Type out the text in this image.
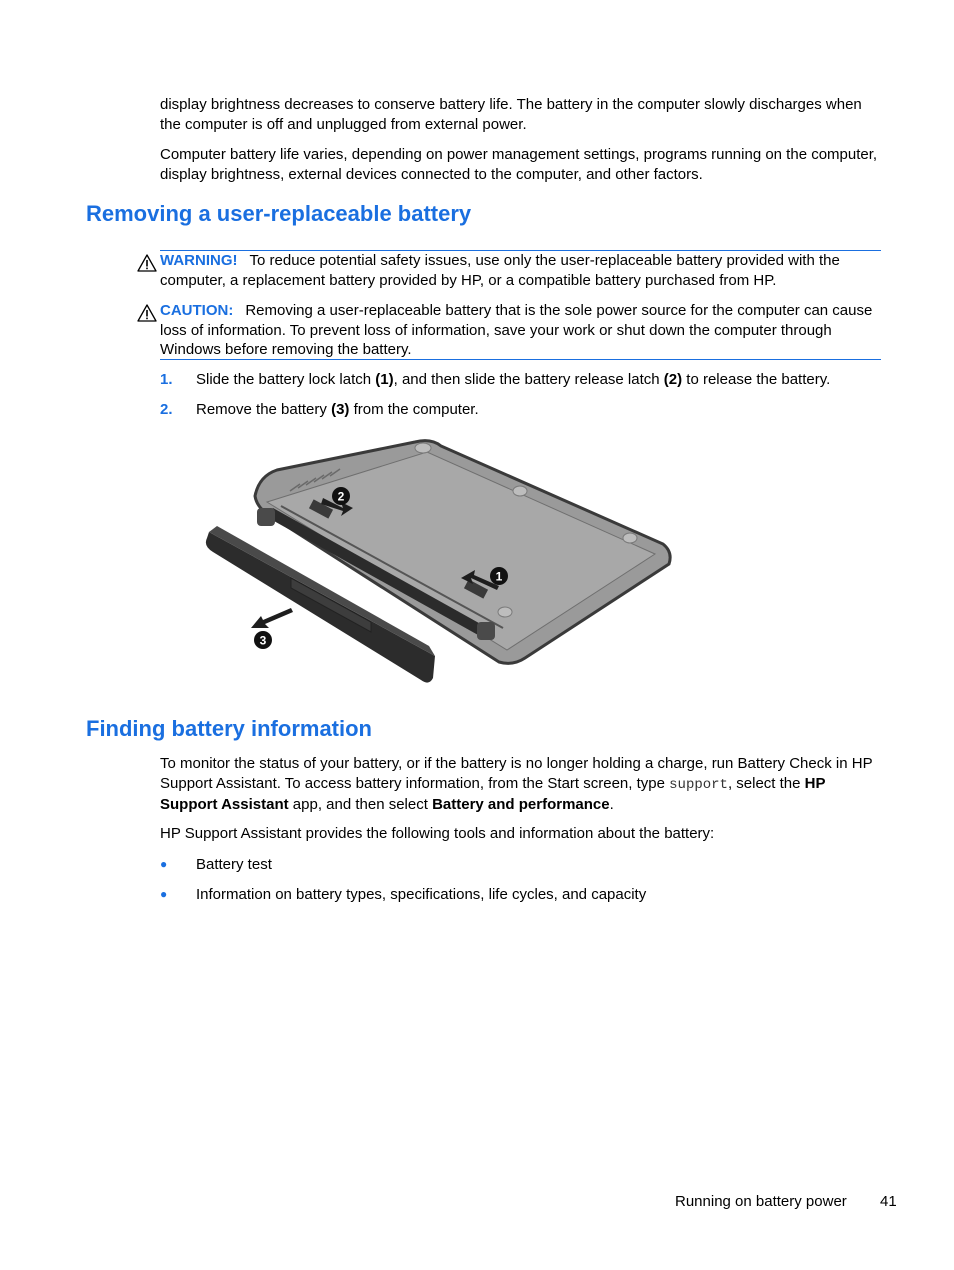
display brightness decreases to conserve battery life. The battery in the computer slowly discharges when the computer is off and unplugged from external power.

Computer battery life varies, depending on power management settings, programs running on the computer, display brightness, external devices connected to the computer, and other factors.

Removing a user-replaceable battery

WARNING! To reduce potential safety issues, use only the user-replaceable battery provided with the computer, a replacement battery provided by HP, or a compatible battery purchased from HP.

CAUTION: Removing a user-replaceable battery that is the sole power source for the computer can cause loss of information. To prevent loss of information, save your work or shut down the computer through Windows before removing the battery.

1. Slide the battery lock latch (1), and then slide the battery release latch (2) to release the battery.
2. Remove the battery (3) from the computer.
2
1
3
Finding battery information

To monitor the status of your battery, or if the battery is no longer holding a charge, run Battery Check in HP Support Assistant. To access battery information, from the Start screen, type support, select the HP Support Assistant app, and then select Battery and performance.

HP Support Assistant provides the following tools and information about the battery:

● Battery test
● Information on battery types, specifications, life cycles, and capacity
Running on battery power 41
